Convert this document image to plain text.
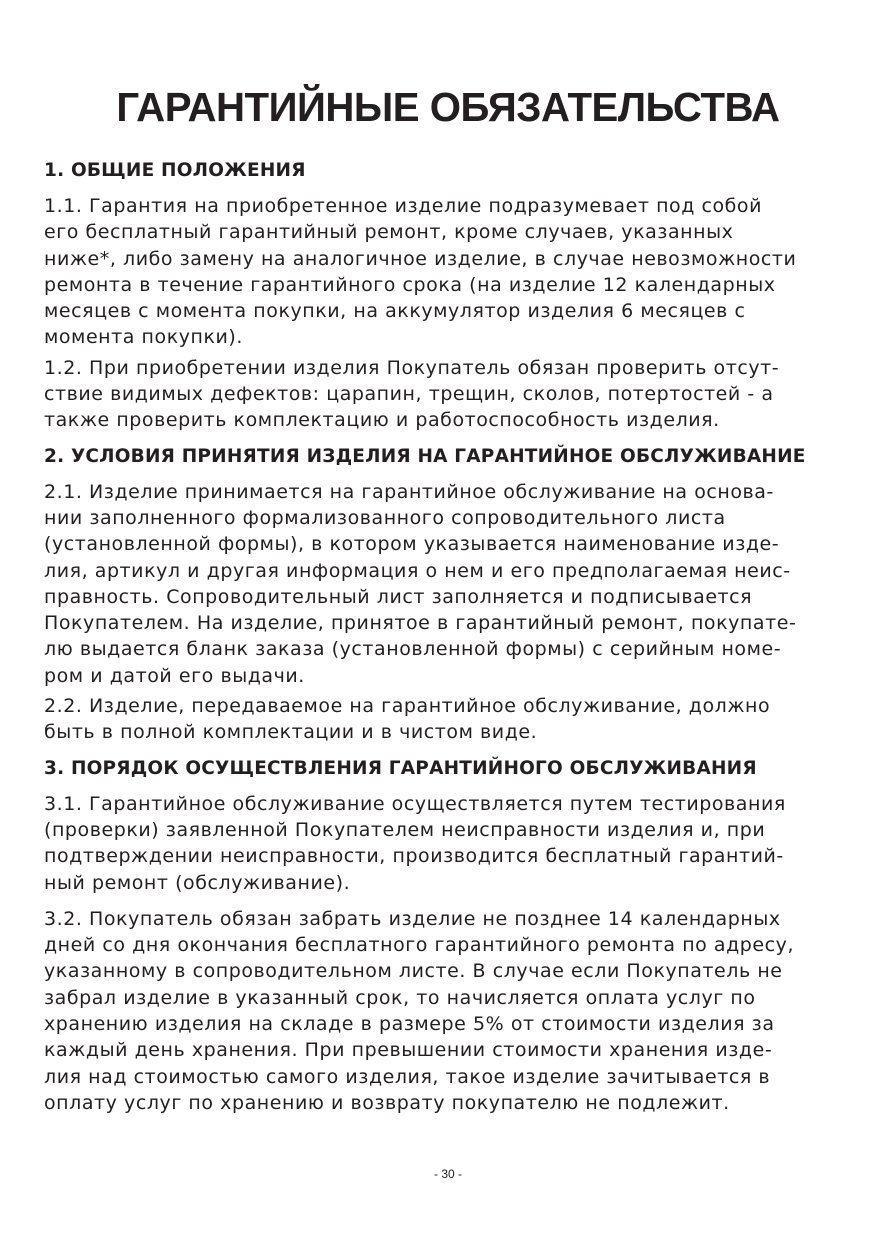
ГАРАНТИЙНЫЕ ОБЯЗАТЕЛЬСТВА
1. ОБЩИЕ ПОЛОЖЕНИЯ
1.1. Гарантия на приобретенное изделие подразумевает под собой
его бесплатный гарантийный ремонт, кроме случаев, указанных
ниже*, либо замену на аналогичное изделие, в случае невозможности
ремонта в течение гарантийного срока (на изделие 12 календарных
месяцев с момента покупки, на аккумулятор изделия 6 месяцев с
момента покупки).
1.2. При приобретении изделия Покупатель обязан проверить отсут-
ствие видимых дефектов: царапин, трещин, сколов, потертостей - а
также проверить комплектацию и работоспособность изделия.
2. УСЛОВИЯ ПРИНЯТИЯ ИЗДЕЛИЯ НА ГАРАНТИЙНОЕ ОБСЛУЖИВАНИЕ
2.1. Изделие принимается на гарантийное обслуживание на основа-
нии заполненного формализованного сопроводительного листа
(установленной формы), в котором указывается наименование изде-
лия, артикул и другая информация о нем и его предполагаемая неис-
правность. Сопроводительный лист заполняется и подписывается
Покупателем. На изделие, принятое в гарантийный ремонт, покупате-
лю выдается бланк заказа (установленной формы) с серийным номе-
ром и датой его выдачи.
2.2. Изделие, передаваемое на гарантийное обслуживание, должно
быть в полной комплектации и в чистом виде.
3. ПОРЯДОК ОСУЩЕСТВЛЕНИЯ ГАРАНТИЙНОГО ОБСЛУЖИВАНИЯ
3.1. Гарантийное обслуживание осуществляется путем тестирования
(проверки) заявленной Покупателем неисправности изделия и, при
подтверждении неисправности, производится бесплатный гарантий-
ный ремонт (обслуживание).
3.2. Покупатель обязан забрать изделие не позднее 14 календарных
дней со дня окончания бесплатного гарантийного ремонта по адресу,
указанному в сопроводительном листе. В случае если Покупатель не
забрал изделие в указанный срок, то начисляется оплата услуг по
хранению изделия на складе в размере 5% от стоимости изделия за
каждый день хранения. При превышении стоимости хранения изде-
лия над стоимостью самого изделия, такое изделие зачитывается в
оплату услуг по хранению и возврату покупателю не подлежит.
- 30 -
